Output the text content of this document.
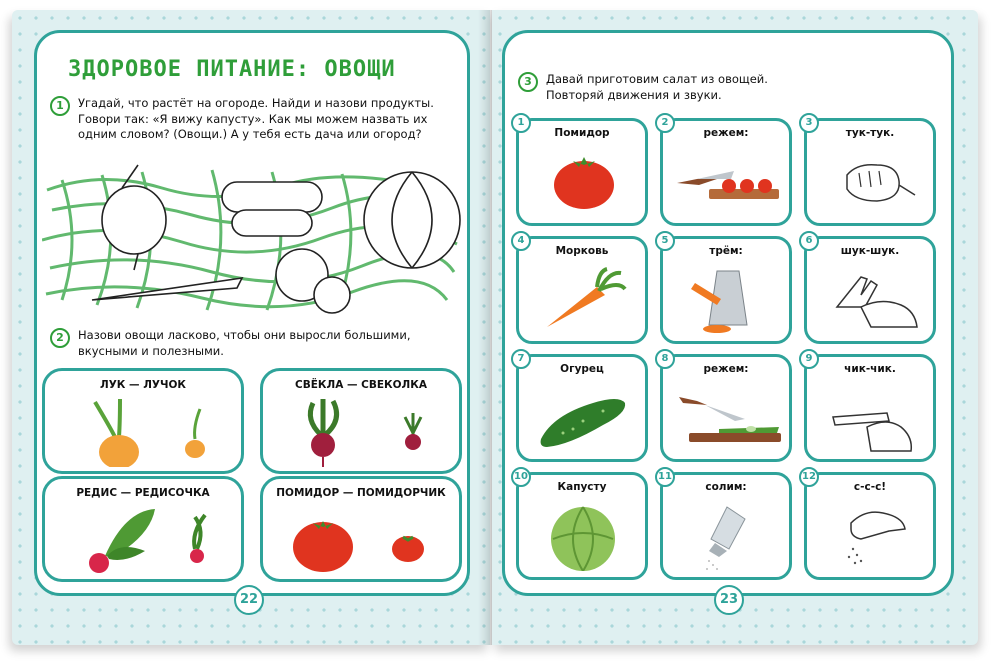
ЗДОРОВОЕ ПИТАНИЕ: ОВОЩИ
1	Угадай, что растёт на огороде. Найди и назови продукты. Говори так: «Я вижу капусту». Как мы можем назвать их одним словом? (Овощи.) А у тебя есть дача или огород?
2	Назови овощи ласково, чтобы они выросли большими, вкусными и полезными.
ЛУК — ЛУЧОК	СВЁКЛА — СВЕКОЛКА
РЕДИС — РЕДИСОЧКА	ПОМИДОР — ПОМИДОРЧИК
22
3	Давай приготовим салат из овощей. Повторяй движения и звуки.
1
Помидор
2
режем:
3
тук-тук.
4
Морковь
5
трём:
6
шук-шук.
7
Огурец
8
режем:
9
чик-чик.
10
Капусту
11
солим:
12
с-с-с!
23
